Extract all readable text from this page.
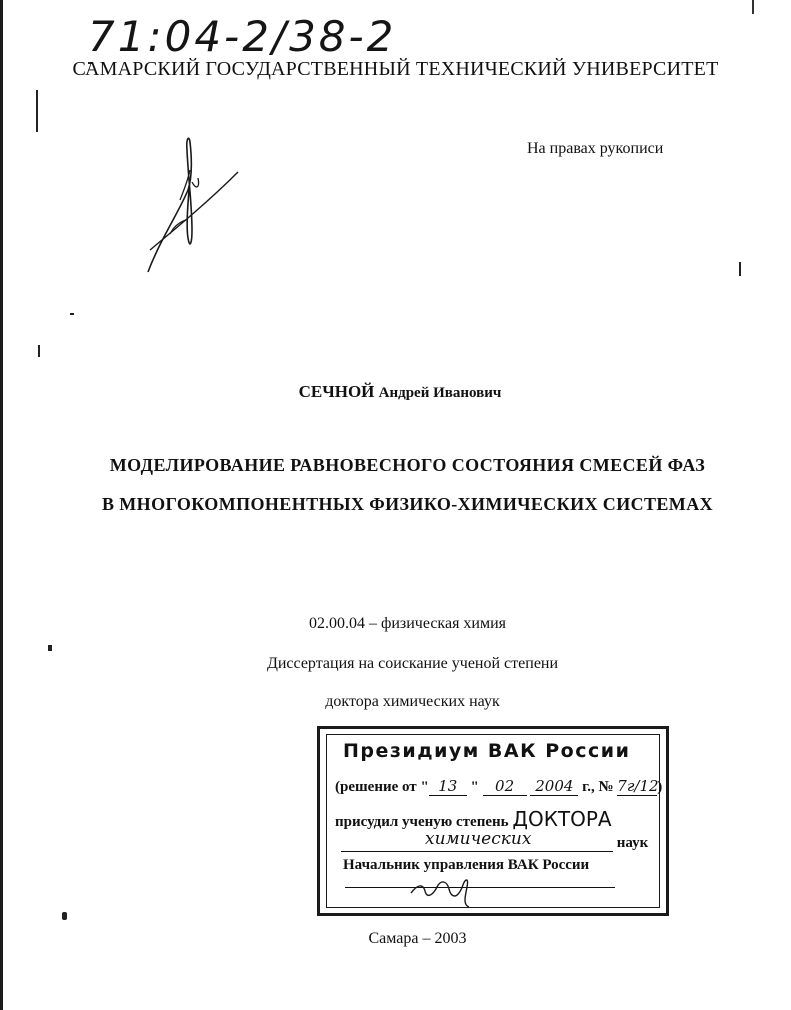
71:04-2/38-2
САМАРСКИЙ ГОСУДАРСТВЕННЫЙ ТЕХНИЧЕСКИЙ УНИВЕРСИТЕТ
На правах рукописи
СЕЧНОЙ Андрей Иванович
МОДЕЛИРОВАНИЕ РАВНОВЕСНОГО СОСТОЯНИЯ СМЕСЕЙ ФАЗ
В МНОГОКОМПОНЕНТНЫХ ФИЗИКО-ХИМИЧЕСКИХ СИСТЕМАХ
02.00.04 – физическая химия
Диссертация на соискание ученой степени
доктора химических наук
Президиум ВАК России
(решение от " 13 " 02 2004 г., № 7г/12)
присудил ученую степень ДОКТОРА
химических	наук
Начальник управления ВАК России
Самара – 2003
